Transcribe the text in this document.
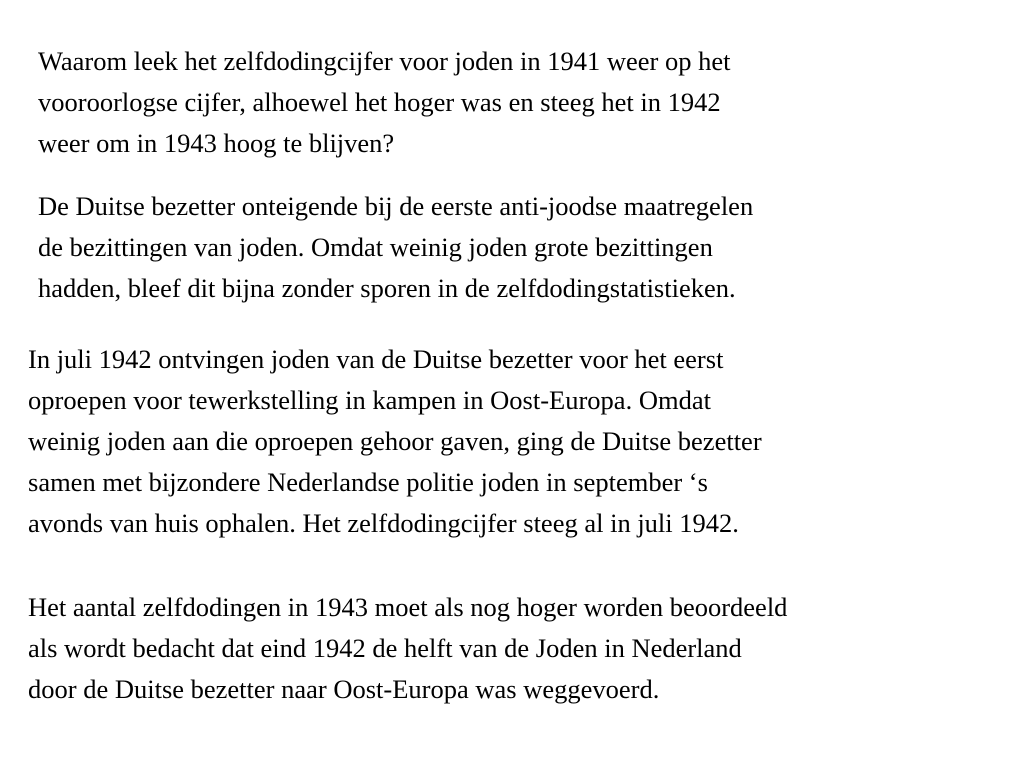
Waarom leek het zelfdodingcijfer voor joden in 1941 weer op het
vooroorlogse cijfer, alhoewel het hoger was en steeg het in 1942
weer om in 1943 hoog te blijven?

De Duitse bezetter onteigende bij de eerste anti-joodse maatregelen
de bezittingen van joden. Omdat weinig joden grote bezittingen
hadden, bleef dit bijna zonder sporen in de zelfdodingstatistieken.

In juli 1942 ontvingen joden van de Duitse bezetter voor het eerst
oproepen voor tewerkstelling in kampen in Oost-Europa. Omdat
weinig joden aan die oproepen gehoor gaven, ging de Duitse bezetter
samen met bijzondere Nederlandse politie joden in september ‘s
avonds van huis ophalen. Het zelfdodingcijfer steeg al in juli 1942.

Het aantal zelfdodingen in 1943 moet als nog hoger worden beoordeeld
als wordt bedacht dat eind 1942 de helft van de Joden in Nederland
door de Duitse bezetter naar Oost-Europa was weggevoerd.
